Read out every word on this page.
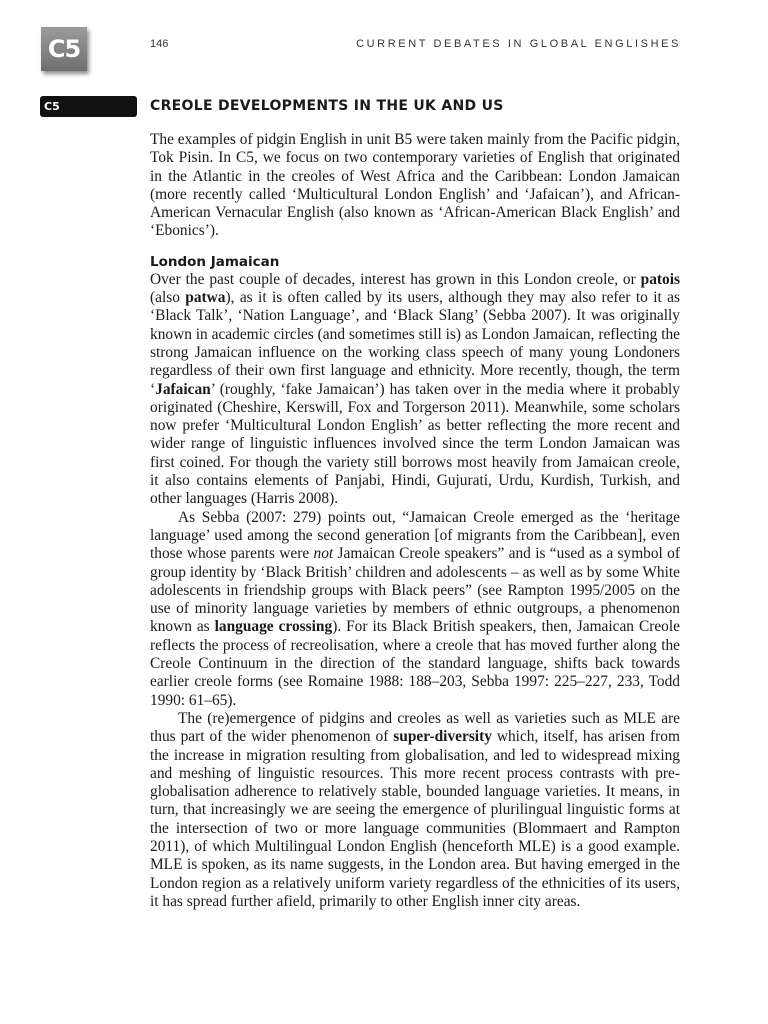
C5	146	CURRENT DEBATES IN GLOBAL ENGLISHES
C5	CREOLE DEVELOPMENTS IN THE UK AND US

The examples of pidgin English in unit B5 were taken mainly from the Pacific pidgin, Tok Pisin. In C5, we focus on two contemporary varieties of English that originated in the Atlantic in the creoles of West Africa and the Caribbean: London Jamaican (more recently called ‘Multicultural London English’ and ‘Jafaican’), and African-American Vernacular English (also known as ‘African-American Black English’ and ‘Ebonics’).

London Jamaican

Over the past couple of decades, interest has grown in this London creole, or patois (also patwa), as it is often called by its users, although they may also refer to it as ‘Black Talk’, ‘Nation Language’, and ‘Black Slang’ (Sebba 2007). It was originally known in academic circles (and sometimes still is) as London Jamaican, reflecting the strong Jamaican influence on the working class speech of many young Londoners regardless of their own first language and ethnicity. More recently, though, the term ‘Jafaican’ (roughly, ‘fake Jamaican’) has taken over in the media where it probably originated (Cheshire, Kerswill, Fox and Torgerson 2011). Meanwhile, some scholars now prefer ‘Multicultural London English’ as better reflecting the more recent and wider range of linguistic influences involved since the term London Jamaican was first coined. For though the variety still borrows most heavily from Jamaican creole, it also contains elements of Panjabi, Hindi, Gujurati, Urdu, Kurdish, Turkish, and other languages (Harris 2008).

As Sebba (2007: 279) points out, “Jamaican Creole emerged as the ‘heritage language’ used among the second generation [of migrants from the Caribbean], even those whose parents were not Jamaican Creole speakers” and is “used as a symbol of group identity by ‘Black British’ children and adolescents – as well as by some White adolescents in friendship groups with Black peers” (see Rampton 1995/2005 on the use of minority language varieties by members of ethnic outgroups, a phenomenon known as language crossing). For its Black British speakers, then, Jamaican Creole reflects the process of recreolisation, where a creole that has moved further along the Creole Continuum in the direction of the standard language, shifts back towards earlier creole forms (see Romaine 1988: 188–203, Sebba 1997: 225–227, 233, Todd 1990: 61–65).

The (re)emergence of pidgins and creoles as well as varieties such as MLE are thus part of the wider phenomenon of super-diversity which, itself, has arisen from the increase in migration resulting from globalisation, and led to widespread mixing and meshing of linguistic resources. This more recent process contrasts with pre-globalisation adherence to relatively stable, bounded language varieties. It means, in turn, that increasingly we are seeing the emergence of plurilingual linguistic forms at the intersection of two or more language communities (Blommaert and Rampton 2011), of which Multilingual London English (henceforth MLE) is a good example. MLE is spoken, as its name suggests, in the London area. But having emerged in the London region as a relatively uniform variety regardless of the ethnicities of its users, it has spread further afield, primarily to other English inner city areas.
